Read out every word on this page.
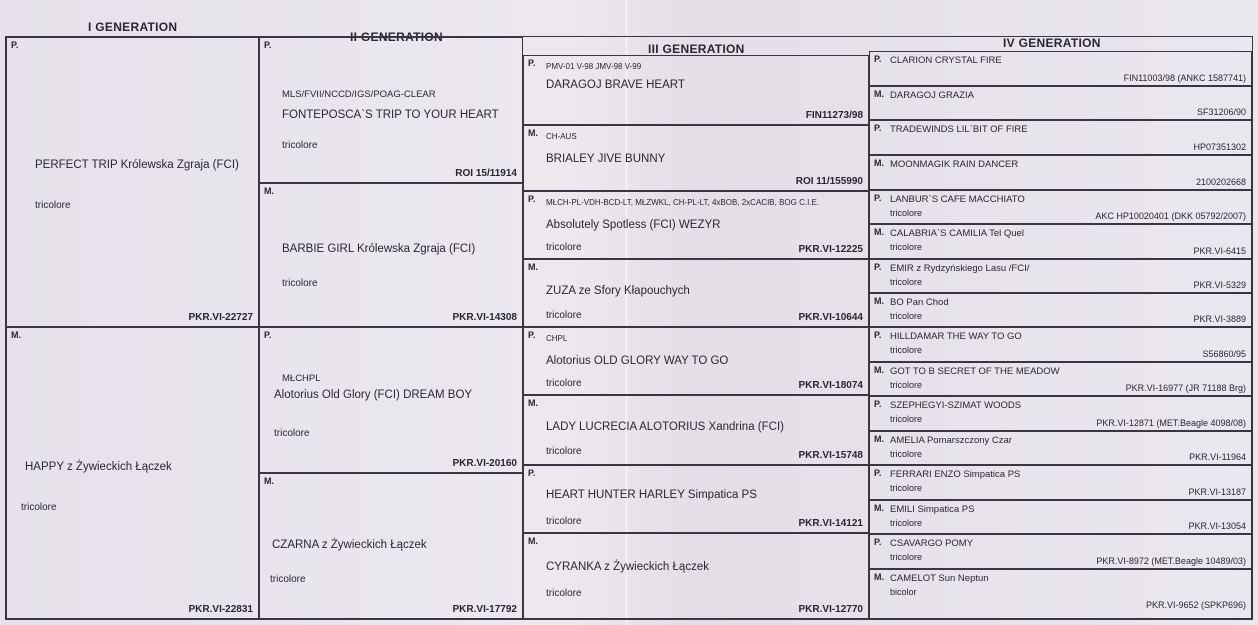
I GENERATION
II GENERATION
III GENERATION	IV GENERATION
P.
PERFECT TRIP Królewska Zgraja (FCI)
tricolore
PKR.VI-22727
M.
HAPPY z Żywieckich Łączek
tricolore
PKR.VI-22831
P.
MLS/FVII/NCCD/IGS/POAG-CLEAR
FONTEPOSCA`S TRIP TO YOUR HEART
tricolore
ROI 15/11914
M.
BARBIE GIRL Królewska Zgraja (FCI)
tricolore
PKR.VI-14308
P.
MŁCHPL
Alotorius Old Glory (FCI) DREAM BOY
tricolore
PKR.VI-20160
M.
CZARNA z Żywieckich Łączek
tricolore
PKR.VI-17792
P. PMV-01 V-98 JMV-98 V-99
DARAGOJ BRAVE HEART
FIN11273/98
M. CH-AUS
BRIALEY JIVE BUNNY
ROI 11/155990
P. MŁCH-PL-VDH-BCD-LT, MŁZWKL, CH-PL-LT, 4xBOB, 2xCACIB, BOG C.I.E.
Absolutely Spotless (FCI) WEZYR
tricolore	PKR.VI-12225
M.
ZUZA ze Sfory Kłapouchych
tricolore	PKR.VI-10644
P. CHPL
Alotorius OLD GLORY WAY TO GO
tricolore	PKR.VI-18074
M.
LADY LUCRECIA ALOTORIUS Xandrina (FCI)
tricolore	PKR.VI-15748
P.
HEART HUNTER HARLEY Simpatica PS
tricolore	PKR.VI-14121
M.
CYRANKA z Żywieckich Łączek
tricolore
PKR.VI-12770
P. CLARION CRYSTAL FIRE
FIN11003/98 (ANKC 1587741)
M. DARAGOJ GRAZIA
SF31206/90
P. TRADEWINDS LIL`BIT OF FIRE
HP07351302
M. MOONMAGIK RAIN DANCER
2100202668
P. LANBUR`S CAFE MACCHIATO
tricolore	AKC HP10020401 (DKK 05792/2007)
M. CALABRIA`S CAMILIA Tel Quel
tricolore	PKR.VI-6415
P. EMIR z Rydzyńskiego Lasu /FCI/
tricolore	PKR.VI-5329
M. BO Pan Chod
tricolore	PKR.VI-3889
P. HILLDAMAR THE WAY TO GO
tricolore	S56860/95
M. GOT TO B SECRET OF THE MEADOW
tricolore	PKR.VI-16977 (JR 71188 Brg)
P. SZEPHEGYI-SZIMAT WOODS
tricolore	PKR.VI-12871 (MET.Beagle 4098/08)
M. AMELIA Pomarszczony Czar
tricolore	PKR.VI-11964
P. FERRARI ENZO Simpatica PS
tricolore	PKR.VI-13187
M. EMILI Simpatica PS
tricolore	PKR.VI-13054
P. CSAVARGO POMY
tricolore	PKR.VI-8972 (MET.Beagle 10489/03)
M. CAMELOT Sun Neptun
bicolor
PKR.VI-9652 (SPKP696)
